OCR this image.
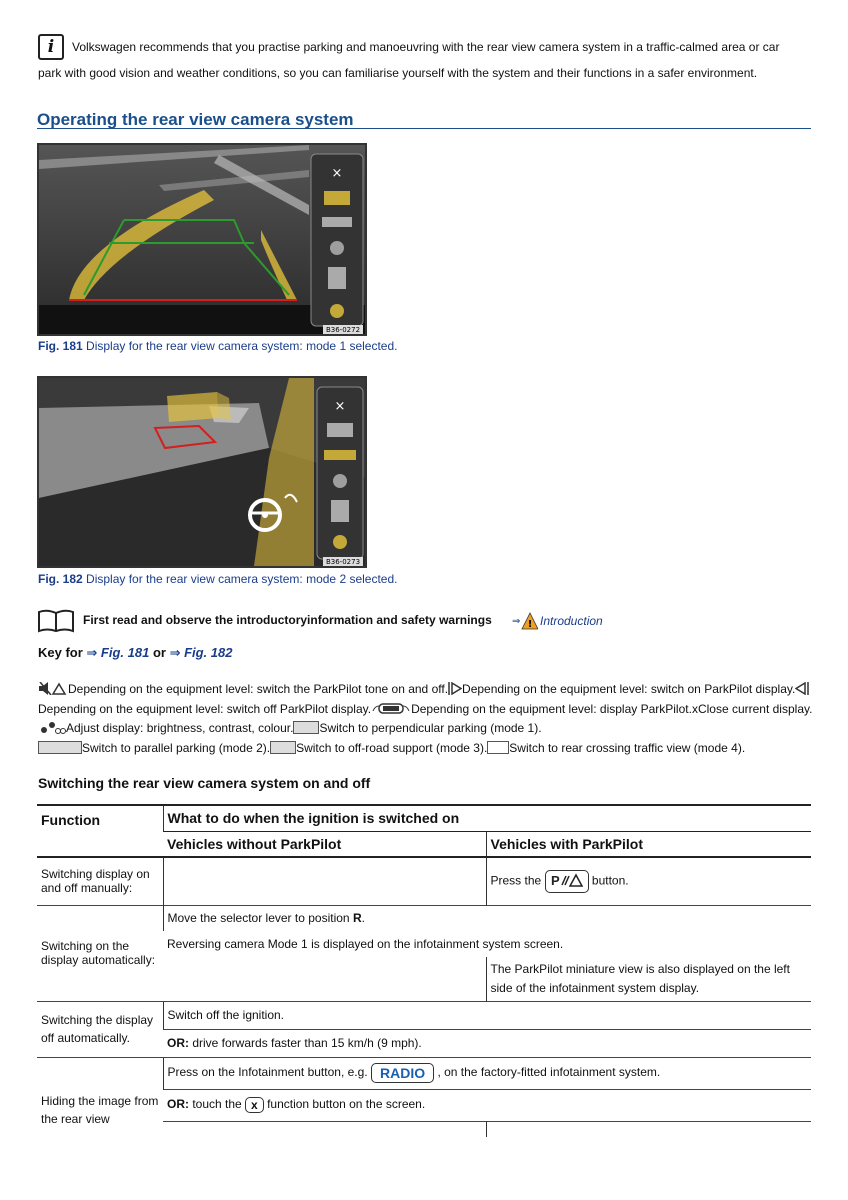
i	Volkswagen recommends that you practise parking and manoeuvring with the rear view camera system in a traffic-calmed area or car
park with good vision and weather conditions, so you can familiarise yourself with the system and their functions in a safer environment.
Operating the rear view camera system
×
B36-0272
Fig. 181 Display for the rear view camera system: mode 1 selected.
×
B36-0273
Fig. 182 Display for the rear view camera system: mode 2 selected.
First read and observe the introductoryinformation and safety warnings ⇒ ! Introduction
Key for ⇒ Fig. 181 or ⇒ Fig. 182
Depending on the equipment level: switch the ParkPilot tone on and off. Depending on the equipment level: switch on ParkPilot display.Depending on the equipment level: switch off ParkPilot display.	Depending on the equipment level: display ParkPilot.xClose current display.Adjust display: brightness, contrast, colour. Switch to perpendicular parking (mode 1).
Switch to parallel parking (mode 2). Switch to off-road support (mode 3). Switch to rear crossing traffic view (mode 4).
Switching the rear view camera system on and off
Function	What to do when the ignition is switched on	
	Vehicles without ParkPilot	Vehicles with ParkPilot
Switching display on and off manually:		Press the P button.
Switching on the display automatically:	Move the selector lever to position R.	
	Reversing camera Mode 1 is displayed on the infotainment system screen.	
		The ParkPilot miniature view is also displayed on the left side of the infotainment system display.
Switching the display off automatically.	Switch off the ignition.	
	OR: drive forwards faster than 15 km/h (9 mph).	
Hiding the image from the rear view	Press on the Infotainment button, e.g. RADIO , on the factory-fitted infotainment system.	
	OR: touch the x function button on the screen.	
